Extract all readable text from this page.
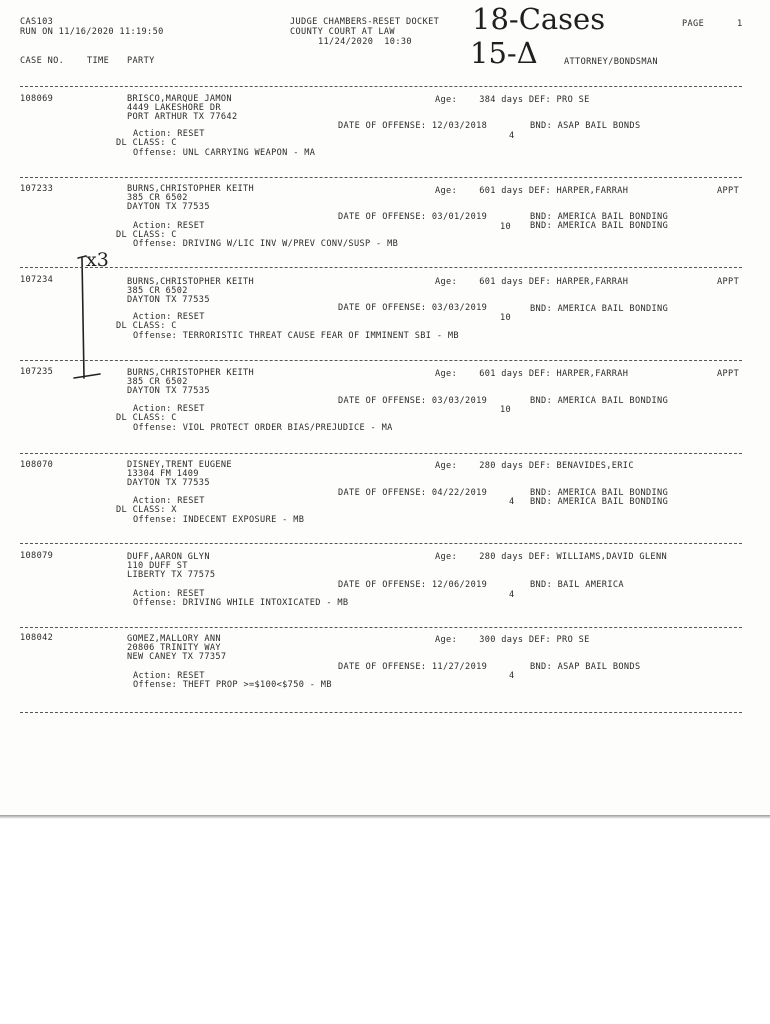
CAS103
RUN ON 11/16/2020 11:19:50
JUDGE CHAMBERS-RESET DOCKET
COUNTY COURT AT LAW
11/24/2020  10:30
PAGE	1
18-Cases
15-Δ
x3
CASE NO.	TIME PARTY	ATTORNEY/BONDSMAN
108069	BRISCO,MARQUE JAMON
4449 LAKESHORE DR
PORT ARTHUR TX 77642
Age:    384 days DEF: PRO SE
DATE OF OFFENSE: 12/03/2018
4
BND: ASAP BAIL BONDS
Action: RESET
DL CLASS: C
Offense: UNL CARRYING WEAPON - MA
107233	BURNS,CHRISTOPHER KEITH
385 CR 6502
DAYTON TX 77535
Age:    601 days DEF: HARPER,FARRAH	APPT
DATE OF OFFENSE: 03/01/2019
10
BND: AMERICA BAIL BONDING
BND: AMERICA BAIL BONDING
Action: RESET
DL CLASS: C
Offense: DRIVING W/LIC INV W/PREV CONV/SUSP - MB
107234	BURNS,CHRISTOPHER KEITH
385 CR 6502
DAYTON TX 77535
Age:    601 days DEF: HARPER,FARRAH	APPT
DATE OF OFFENSE: 03/03/2019
10
BND: AMERICA BAIL BONDING
Action: RESET
DL CLASS: C
Offense: TERRORISTIC THREAT CAUSE FEAR OF IMMINENT SBI - MB
107235	BURNS,CHRISTOPHER KEITH
385 CR 6502
DAYTON TX 77535
Age:    601 days DEF: HARPER,FARRAH	APPT
DATE OF OFFENSE: 03/03/2019
10
BND: AMERICA BAIL BONDING
Action: RESET
DL CLASS: C
Offense: VIOL PROTECT ORDER BIAS/PREJUDICE - MA
108070	DISNEY,TRENT EUGENE
13304 FM 1409
DAYTON TX 77535
Age:    280 days DEF: BENAVIDES,ERIC
DATE OF OFFENSE: 04/22/2019
4
BND: AMERICA BAIL BONDING
BND: AMERICA BAIL BONDING
Action: RESET
DL CLASS: X
Offense: INDECENT EXPOSURE - MB
108079	DUFF,AARON GLYN
110 DUFF ST
LIBERTY TX 77575
Age:    280 days DEF: WILLIAMS,DAVID GLENN
DATE OF OFFENSE: 12/06/2019
4
BND: BAIL AMERICA
Action: RESET
Offense: DRIVING WHILE INTOXICATED - MB
108042	GOMEZ,MALLORY ANN
20806 TRINITY WAY
NEW CANEY TX 77357
Age:    300 days DEF: PRO SE
DATE OF OFFENSE: 11/27/2019
4
BND: ASAP BAIL BONDS
Action: RESET
Offense: THEFT PROP >=$100<$750 - MB
